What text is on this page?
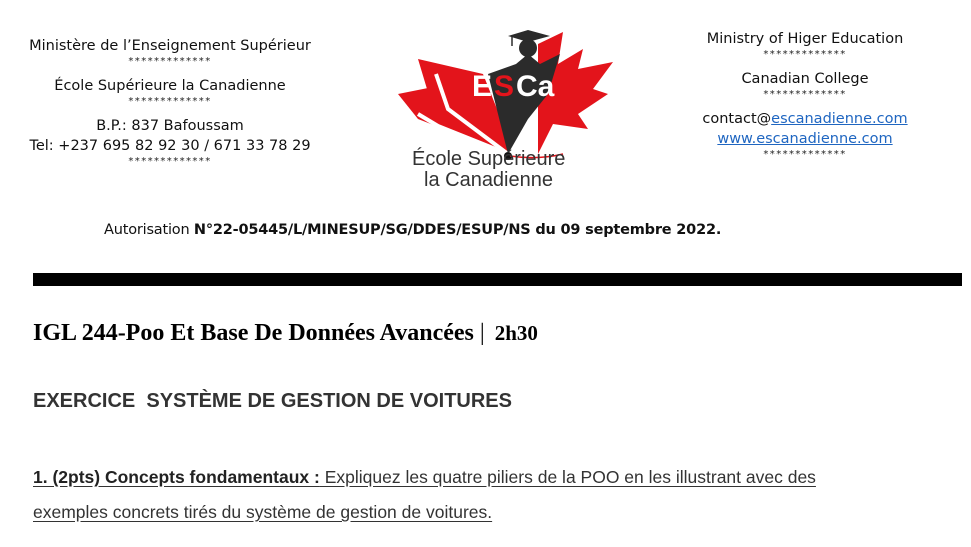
Ministère de l’Enseignement Supérieur
*************
École Supérieure la Canadienne
*************
B.P.: 837 Bafoussam
Tel: +237 695 82 92 30 / 671 33 78 29
*************
E S Ca
École Supérieure
la Canadienne
Ministry of Higer Education
*************
Canadian College
*************
contact@escanadienne.com
www.escanadienne.com
*************
Autorisation N°22-05445/L/MINESUP/SG/DDES/ESUP/NS du 09 septembre 2022.
IGL 244-Poo Et Base De Données Avancées | 2h30
EXERCICE  SYSTÈME DE GESTION DE VOITURES
1. (2pts) Concepts fondamentaux : Expliquez les quatre piliers de la POO en les illustrant avec des exemples concrets tirés du système de gestion de voitures.
